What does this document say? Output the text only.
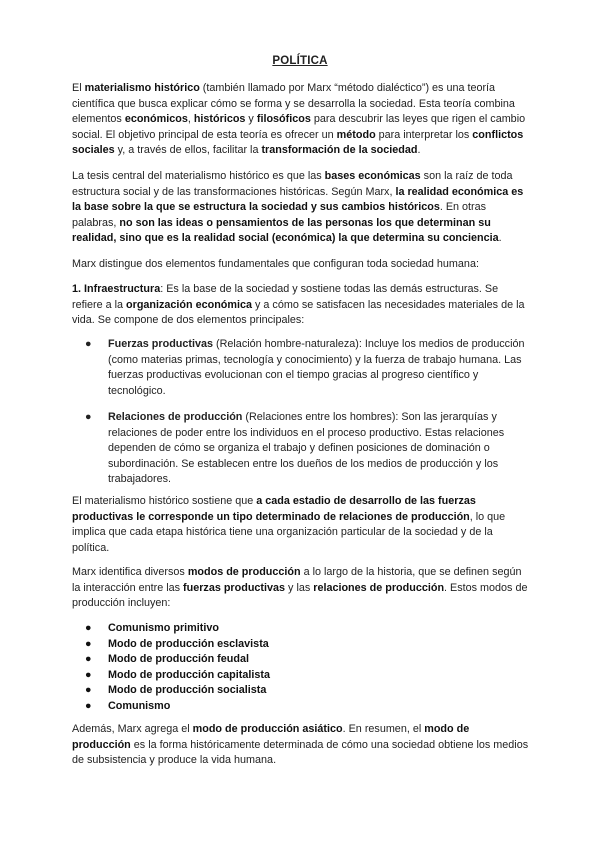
POLÍTICA

El materialismo histórico (también llamado por Marx “método dialéctico”) es una teoría científica que busca explicar cómo se forma y se desarrolla la sociedad. Esta teoría combina elementos económicos, históricos y filosóficos para descubrir las leyes que rigen el cambio social. El objetivo principal de esta teoría es ofrecer un método para interpretar los conflictos sociales y, a través de ellos, facilitar la transformación de la sociedad.

La tesis central del materialismo histórico es que las bases económicas son la raíz de toda estructura social y de las transformaciones históricas. Según Marx, la realidad económica es la base sobre la que se estructura la sociedad y sus cambios históricos. En otras palabras, no son las ideas o pensamientos de las personas los que determinan su realidad, sino que es la realidad social (económica) la que determina su conciencia.

Marx distingue dos elementos fundamentales que configuran toda sociedad humana:

1. Infraestructura: Es la base de la sociedad y sostiene todas las demás estructuras. Se refiere a la organización económica y a cómo se satisfacen las necesidades materiales de la vida. Se compone de dos elementos principales:

● Fuerzas productivas (Relación hombre-naturaleza): Incluye los medios de producción (como materias primas, tecnología y conocimiento) y la fuerza de trabajo humana. Las fuerzas productivas evolucionan con el tiempo gracias al progreso científico y tecnológico.
● Relaciones de producción (Relaciones entre los hombres): Son las jerarquías y relaciones de poder entre los individuos en el proceso productivo. Estas relaciones dependen de cómo se organiza el trabajo y definen posiciones de dominación o subordinación. Se establecen entre los dueños de los medios de producción y los trabajadores.

El materialismo histórico sostiene que a cada estadio de desarrollo de las fuerzas productivas le corresponde un tipo determinado de relaciones de producción, lo que implica que cada etapa histórica tiene una organización particular de la sociedad y de la política.

Marx identifica diversos modos de producción a lo largo de la historia, que se definen según la interacción entre las fuerzas productivas y las relaciones de producción. Estos modos de producción incluyen:

● Comunismo primitivo
● Modo de producción esclavista
● Modo de producción feudal
● Modo de producción capitalista
● Modo de producción socialista
● Comunismo

Además, Marx agrega el modo de producción asiático. En resumen, el modo de producción es la forma históricamente determinada de cómo una sociedad obtiene los medios de subsistencia y produce la vida humana.
